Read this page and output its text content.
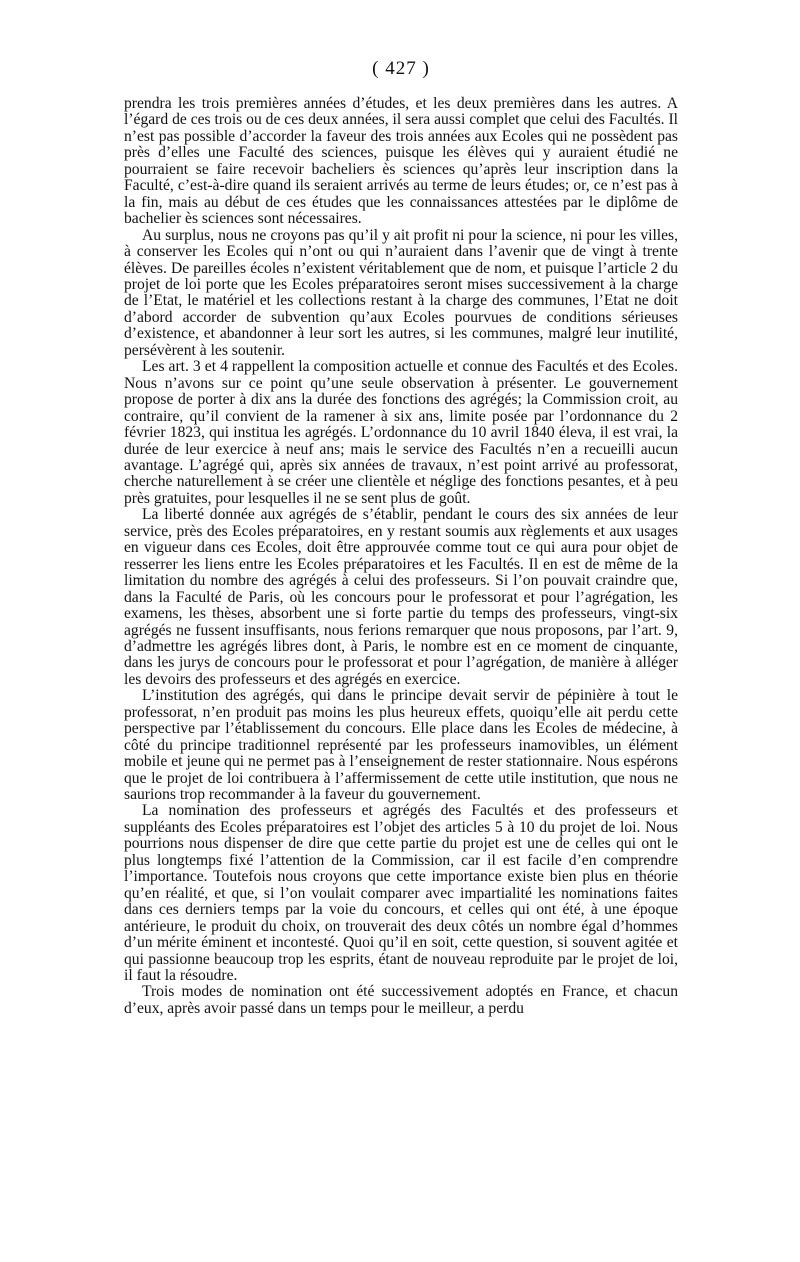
( 427 )

prendra les trois premières années d’études, et les deux premières dans les autres. A l’égard de ces trois ou de ces deux années, il sera aussi complet que celui des Facultés. Il n’est pas possible d’accorder la faveur des trois années aux Ecoles qui ne possèdent pas près d’elles une Faculté des sciences, puisque les élèves qui y auraient étudié ne pourraient se faire recevoir bacheliers ès sciences qu’après leur inscription dans la Faculté, c’est-à-dire quand ils seraient arrivés au terme de leurs études; or, ce n’est pas à la fin, mais au début de ces études que les connaissances attestées par le diplôme de bachelier ès sciences sont nécessaires.

Au surplus, nous ne croyons pas qu’il y ait profit ni pour la science, ni pour les villes, à conserver les Ecoles qui n’ont ou qui n’auraient dans l’avenir que de vingt à trente élèves. De pareilles écoles n’existent véritablement que de nom, et puisque l’article 2 du projet de loi porte que les Ecoles préparatoires seront mises successivement à la charge de l’Etat, le matériel et les collections restant à la charge des communes, l’Etat ne doit d’abord accorder de subvention qu’aux Ecoles pourvues de conditions sérieuses d’existence, et abandonner à leur sort les autres, si les communes, malgré leur inutilité, persévèrent à les soutenir.

Les art. 3 et 4 rappellent la composition actuelle et connue des Facultés et des Ecoles. Nous n’avons sur ce point qu’une seule observation à présenter. Le gouvernement propose de porter à dix ans la durée des fonctions des agrégés; la Commission croit, au contraire, qu’il convient de la ramener à six ans, limite posée par l’ordonnance du 2 février 1823, qui institua les agrégés. L’ordonnance du 10 avril 1840 éleva, il est vrai, la durée de leur exercice à neuf ans; mais le service des Facultés n’en a recueilli aucun avantage. L’agrégé qui, après six années de travaux, n’est point arrivé au professorat, cherche naturellement à se créer une clientèle et néglige des fonctions pesantes, et à peu près gratuites, pour lesquelles il ne se sent plus de goût.

La liberté donnée aux agrégés de s’établir, pendant le cours des six années de leur service, près des Ecoles préparatoires, en y restant soumis aux règlements et aux usages en vigueur dans ces Ecoles, doit être approuvée comme tout ce qui aura pour objet de resserrer les liens entre les Ecoles préparatoires et les Facultés. Il en est de même de la limitation du nombre des agrégés à celui des professeurs. Si l’on pouvait craindre que, dans la Faculté de Paris, où les concours pour le professorat et pour l’agrégation, les examens, les thèses, absorbent une si forte partie du temps des professeurs, vingt-six agrégés ne fussent insuffisants, nous ferions remarquer que nous proposons, par l’art. 9, d’admettre les agrégés libres dont, à Paris, le nombre est en ce moment de cinquante, dans les jurys de concours pour le professorat et pour l’agrégation, de manière à alléger les devoirs des professeurs et des agrégés en exercice.

L’institution des agrégés, qui dans le principe devait servir de pépinière à tout le professorat, n’en produit pas moins les plus heureux effets, quoiqu’elle ait perdu cette perspective par l’établissement du concours. Elle place dans les Ecoles de médecine, à côté du principe traditionnel représenté par les professeurs inamovibles, un élément mobile et jeune qui ne permet pas à l’enseignement de rester stationnaire. Nous espérons que le projet de loi contribuera à l’affermissement de cette utile institution, que nous ne saurions trop recommander à la faveur du gouvernement.

La nomination des professeurs et agrégés des Facultés et des professeurs et suppléants des Ecoles préparatoires est l’objet des articles 5 à 10 du projet de loi. Nous pourrions nous dispenser de dire que cette partie du projet est une de celles qui ont le plus longtemps fixé l’attention de la Commission, car il est facile d’en comprendre l’importance. Toutefois nous croyons que cette importance existe bien plus en théorie qu’en réalité, et que, si l’on voulait comparer avec impartialité les nominations faites dans ces derniers temps par la voie du concours, et celles qui ont été, à une époque antérieure, le produit du choix, on trouverait des deux côtés un nombre égal d’hommes d’un mérite éminent et incontesté. Quoi qu’il en soit, cette question, si souvent agitée et qui passionne beaucoup trop les esprits, étant de nouveau reproduite par le projet de loi, il faut la résoudre.

Trois modes de nomination ont été successivement adoptés en France, et chacun d’eux, après avoir passé dans un temps pour le meilleur, a perdu
